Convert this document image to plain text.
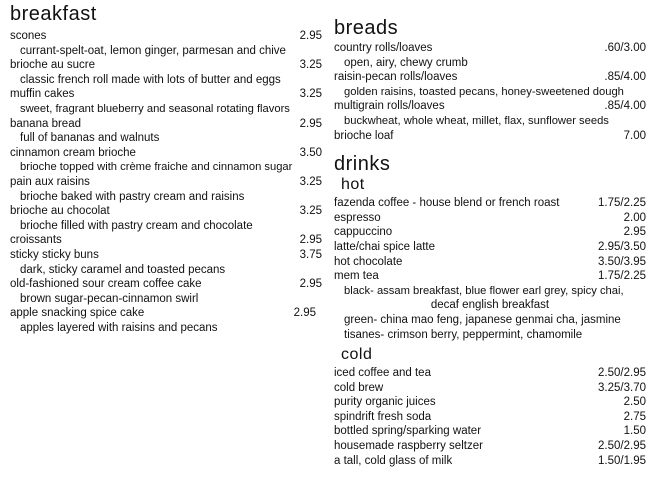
breakfast
scones	2.95
currant-spelt-oat, lemon ginger, parmesan and chive
brioche au sucre	3.25
classic french roll made with lots of butter and eggs
muffin cakes	3.25
sweet, fragrant blueberry and seasonal rotating flavors
banana bread	2.95
full of bananas and walnuts
cinnamon cream brioche	3.50
brioche topped with crème fraiche and cinnamon sugar
pain aux raisins	3.25
brioche baked with pastry cream and raisins
brioche au chocolat	3.25
brioche filled with pastry cream and chocolate
croissants	2.95
sticky sticky buns	3.75
dark, sticky caramel and toasted pecans
old-fashioned sour cream coffee cake	2.95
brown sugar-pecan-cinnamon swirl
apple snacking spice cake	2.95
apples layered with raisins and pecans
breads
country rolls/loaves	.60/3.00
open, airy, chewy crumb
raisin-pecan rolls/loaves	.85/4.00
golden raisins, toasted pecans, honey-sweetened dough
multigrain rolls/loaves	.85/4.00
buckwheat, whole wheat, millet, flax, sunflower seeds
brioche loaf	7.00
drinks
hot
fazenda coffee - house blend or french roast	1.75/2.25
espresso	2.00
cappuccino	2.95
latte/chai spice latte	2.95/3.50
hot chocolate	3.50/3.95
mem tea	1.75/2.25
black- assam breakfast, blue flower earl grey, spicy chai,
decaf english breakfast
green- china mao feng, japanese genmai cha, jasmine
tisanes- crimson berry, peppermint, chamomile
cold
iced coffee and tea	2.50/2.95
cold brew	3.25/3.70
purity organic juices	2.50
spindrift fresh soda	2.75
bottled spring/sparking water	1.50
housemade raspberry seltzer	2.50/2.95
a tall, cold glass of milk	1.50/1.95
